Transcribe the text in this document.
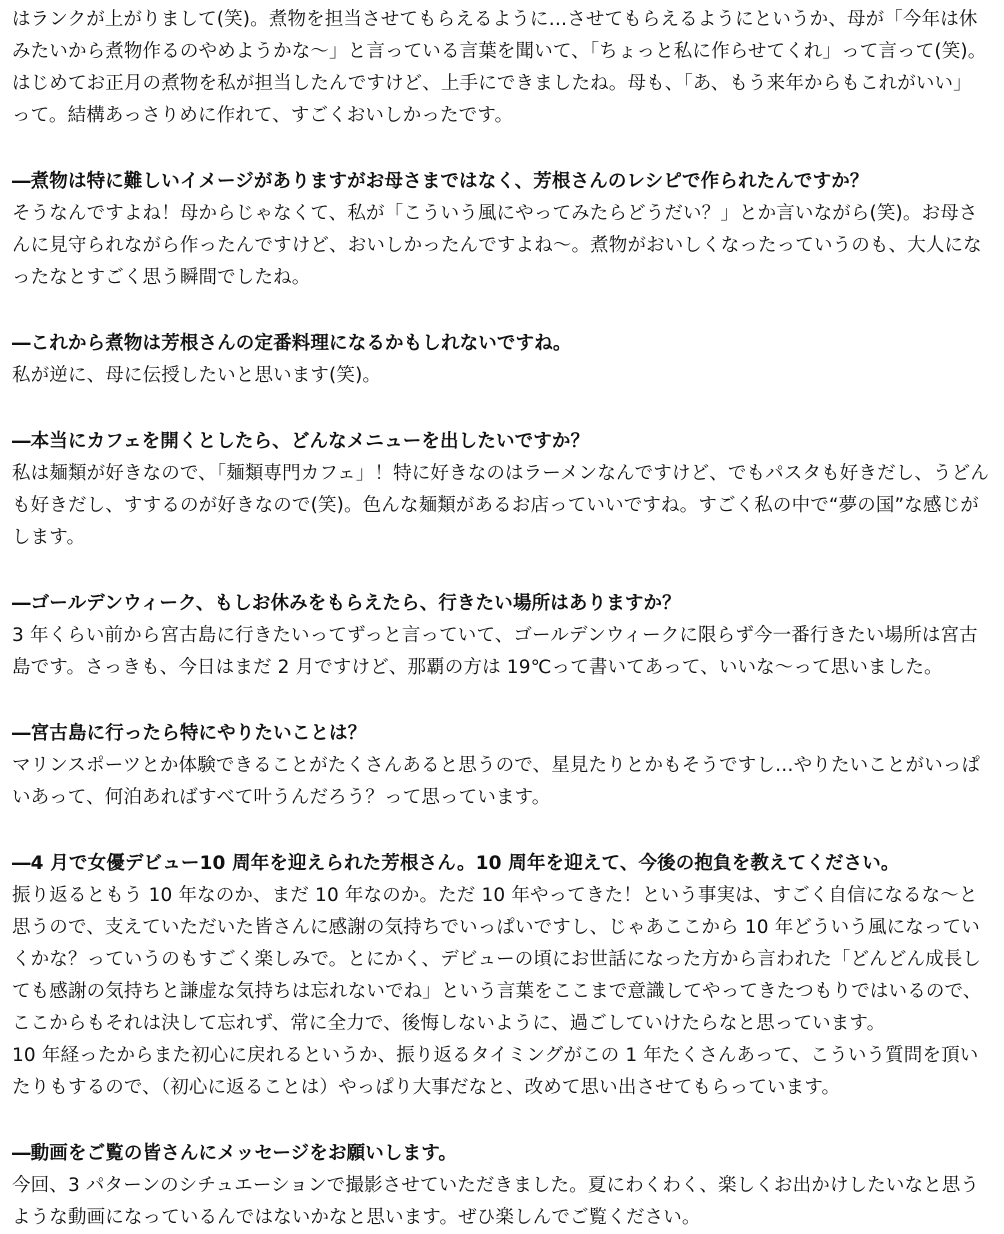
はランクが上がりまして(笑)。煮物を担当させてもらえるように…させてもらえるようにというか、母が「今年は休みたいから煮物作るのやめようかな～」と言っている言葉を聞いて、「ちょっと私に作らせてくれ」って言って(笑)。はじめてお正月の煮物を私が担当したんですけど、上手にできましたね。母も、「あ、もう来年からもこれがいい」って。結構あっさりめに作れて、すごくおいしかったです。

―煮物は特に難しいイメージがありますがお母さまではなく、芳根さんのレシピで作られたんですか？

そうなんですよね！母からじゃなくて、私が「こういう風にやってみたらどうだい？」とか言いながら(笑)。お母さんに見守られながら作ったんですけど、おいしかったんですよね～。煮物がおいしくなったっていうのも、大人になったなとすごく思う瞬間でしたね。

―これから煮物は芳根さんの定番料理になるかもしれないですね。

私が逆に、母に伝授したいと思います(笑)。

―本当にカフェを開くとしたら、どんなメニューを出したいですか？

私は麺類が好きなので、「麺類専門カフェ」！特に好きなのはラーメンなんですけど、でもパスタも好きだし、うどんも好きだし、すするのが好きなので(笑)。色んな麺類があるお店っていいですね。すごく私の中で“夢の国”な感じがします。

―ゴールデンウィーク、もしお休みをもらえたら、行きたい場所はありますか？

3 年くらい前から宮古島に行きたいってずっと言っていて、ゴールデンウィークに限らず今一番行きたい場所は宮古島です。さっきも、今日はまだ 2 月ですけど、那覇の方は 19℃って書いてあって、いいな～って思いました。

―宮古島に行ったら特にやりたいことは？

マリンスポーツとか体験できることがたくさんあると思うので、星見たりとかもそうですし…やりたいことがいっぱいあって、何泊あればすべて叶うんだろう？って思っています。

―4 月で女優デビュー10 周年を迎えられた芳根さん。10 周年を迎えて、今後の抱負を教えてください。

振り返るともう 10 年なのか、まだ 10 年なのか。ただ 10 年やってきた！という事実は、すごく自信になるな～と思うので、支えていただいた皆さんに感謝の気持ちでいっぱいですし、じゃあここから 10 年どういう風になっていくかな？っていうのもすごく楽しみで。とにかく、デビューの頃にお世話になった方から言われた「どんどん成長しても感謝の気持ちと謙虚な気持ちは忘れないでね」という言葉をここまで意識してやってきたつもりではいるので、ここからもそれは決して忘れず、常に全力で、後悔しないように、過ごしていけたらなと思っています。

10 年経ったからまた初心に戻れるというか、振り返るタイミングがこの 1 年たくさんあって、こういう質問を頂いたりもするので、（初心に返ることは）やっぱり大事だなと、改めて思い出させてもらっています。

―動画をご覧の皆さんにメッセージをお願いします。

今回、3 パターンのシチュエーションで撮影させていただきました。夏にわくわく、楽しくお出かけしたいなと思うような動画になっているんではないかなと思います。ぜひ楽しんでご覧ください。
